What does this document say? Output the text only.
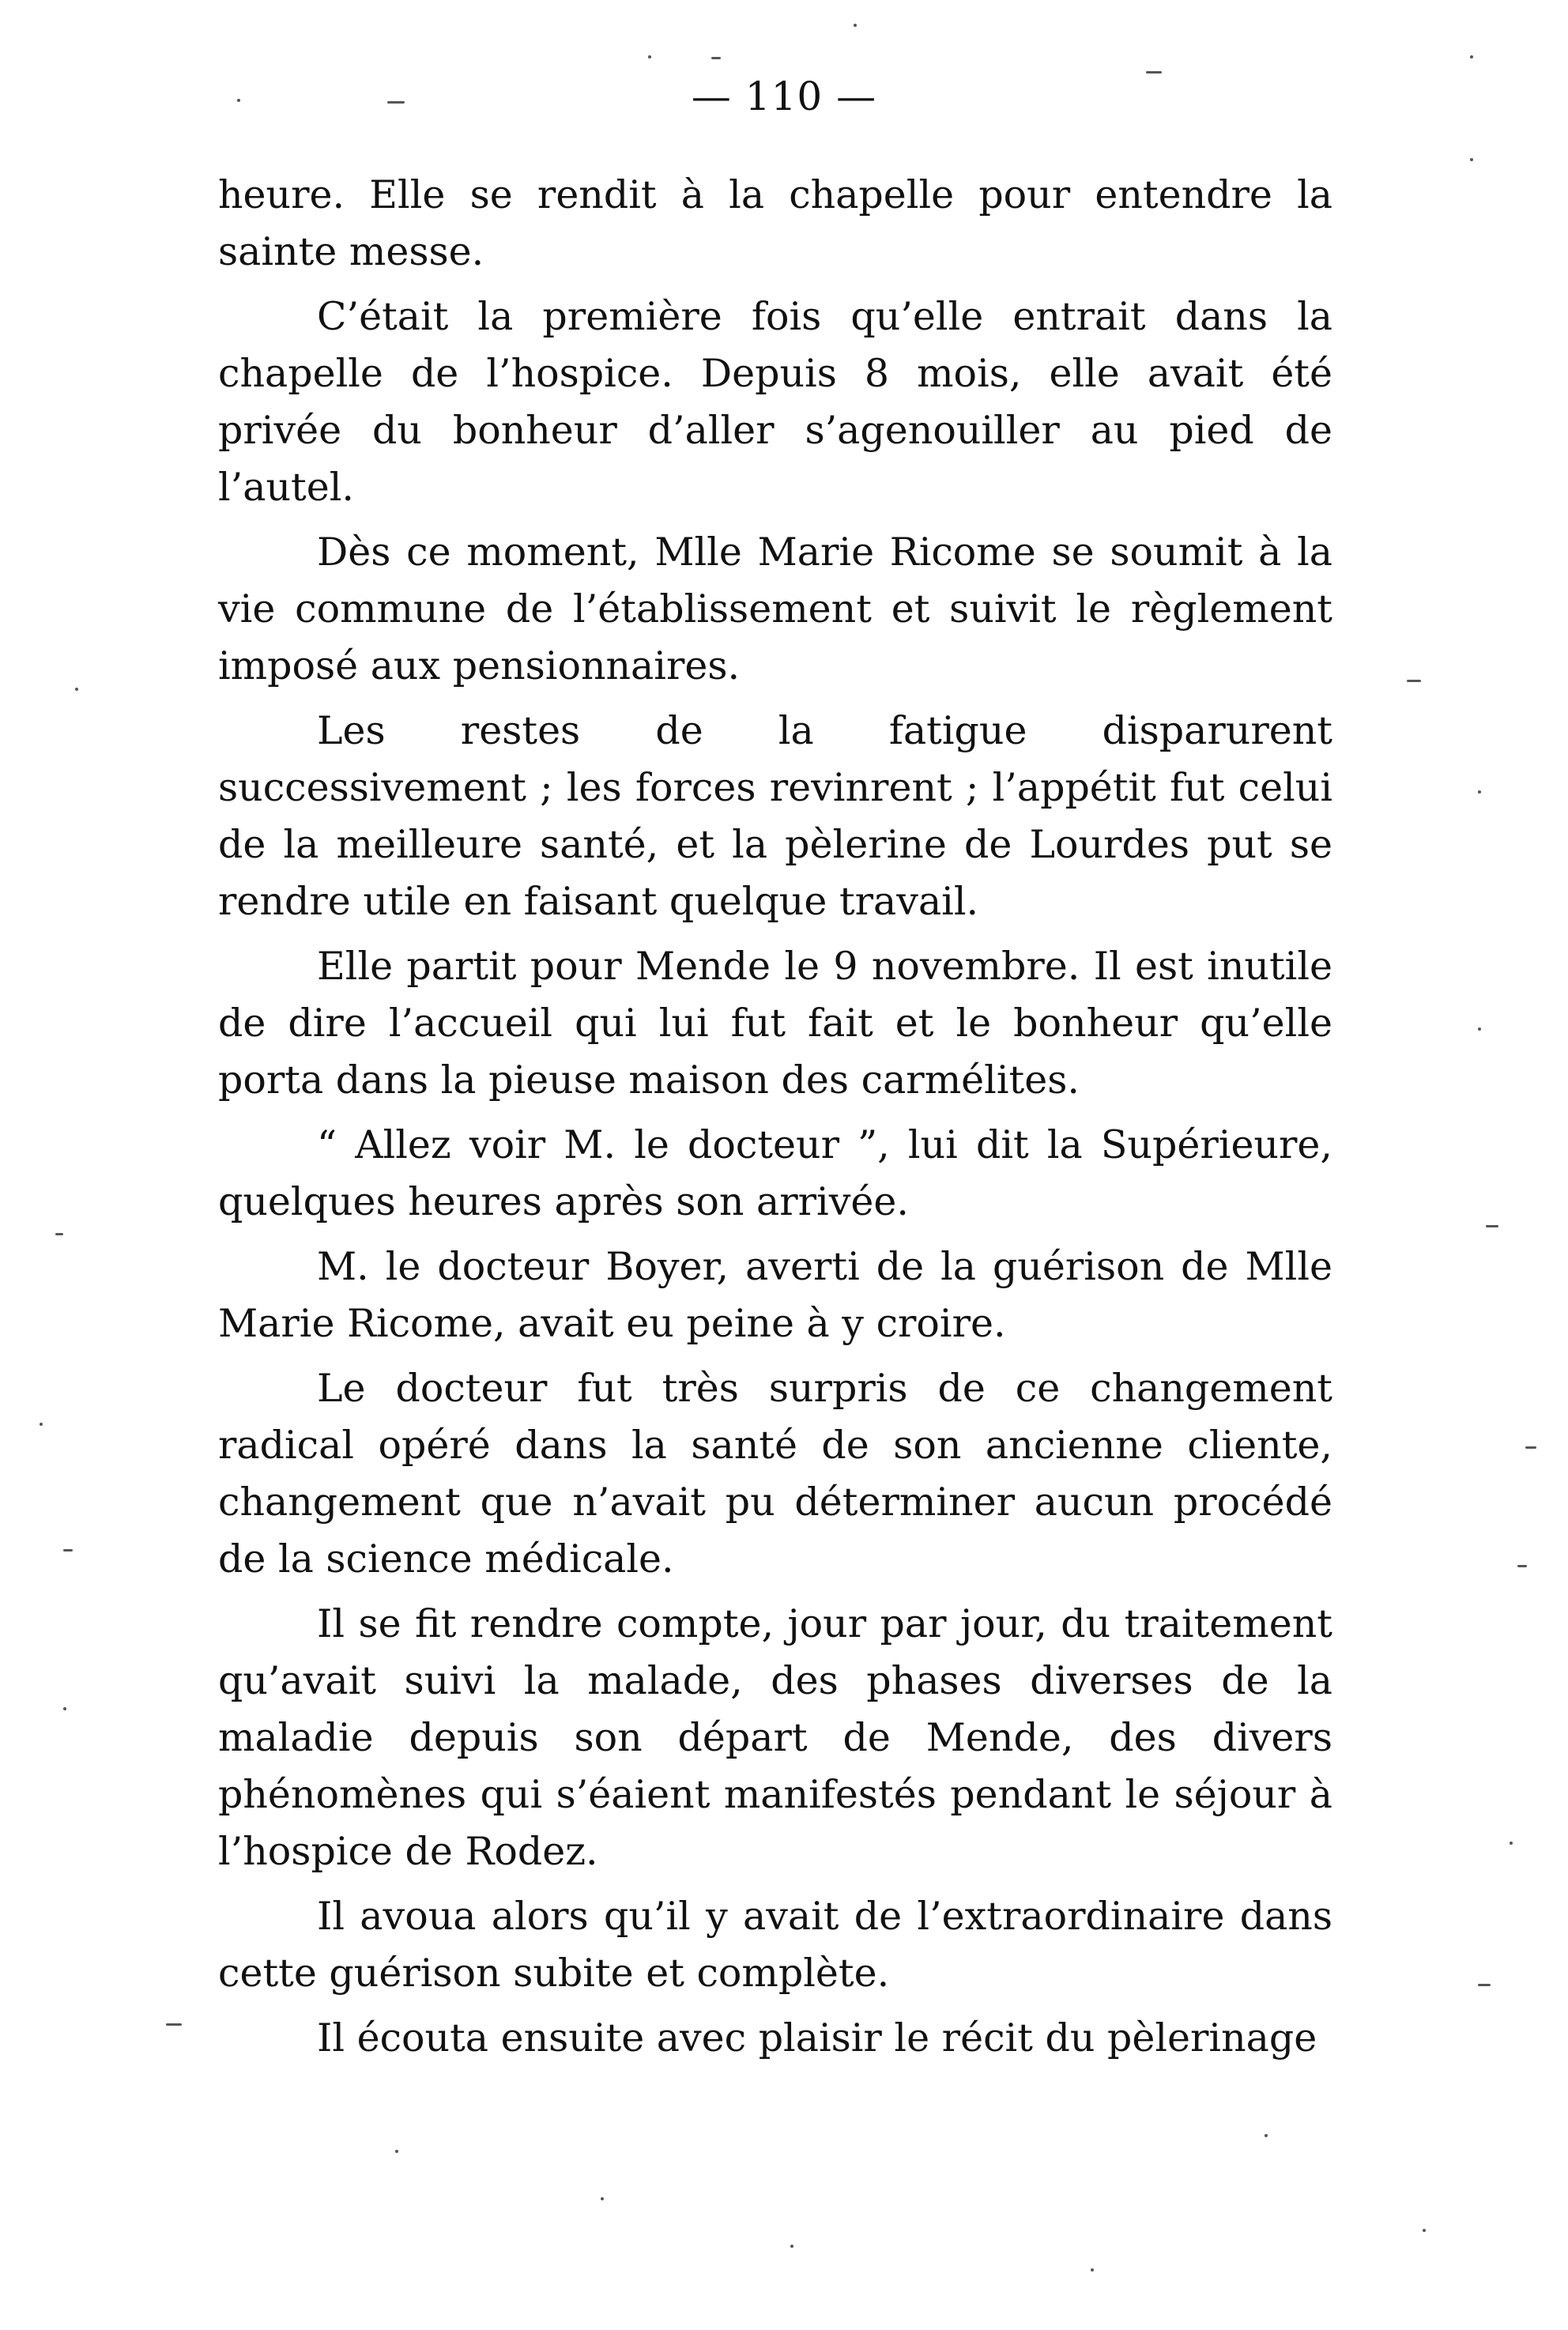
— 110 —

heure. Elle se rendit à la chapelle pour entendre la sainte messe.

C’était la première fois qu’elle entrait dans la chapelle de l’hospice. Depuis 8 mois, elle avait été privée du bonheur d’aller s’agenouiller au pied de l’autel.

Dès ce moment, Mlle Marie Ricome se soumit à la vie commune de l’établissement et suivit le règlement imposé aux pensionnaires.

Les restes de la fatigue disparurent successivement ; les forces revinrent ; l’appétit fut celui de la meilleure santé, et la pèlerine de Lourdes put se rendre utile en faisant quelque travail.

Elle partit pour Mende le 9 novembre. Il est inutile de dire l’accueil qui lui fut fait et le bonheur qu’elle porta dans la pieuse maison des carmélites.

“ Allez voir M. le docteur ”, lui dit la Supérieure, quelques heures après son arrivée.

M. le docteur Boyer, averti de la guérison de Mlle Marie Ricome, avait eu peine à y croire.

Le docteur fut très surpris de ce changement radical opéré dans la santé de son ancienne cliente, changement que n’avait pu déterminer aucun procédé de la science médicale.

Il se fit rendre compte, jour par jour, du traitement qu’avait suivi la malade, des phases diverses de la maladie depuis son départ de Mende, des divers phénomènes qui s’éaient manifestés pendant le séjour à l’hospice de Rodez.

Il avoua alors qu’il y avait de l’extraordinaire dans cette guérison subite et complète.

Il écouta ensuite avec plaisir le récit du pèlerinage
